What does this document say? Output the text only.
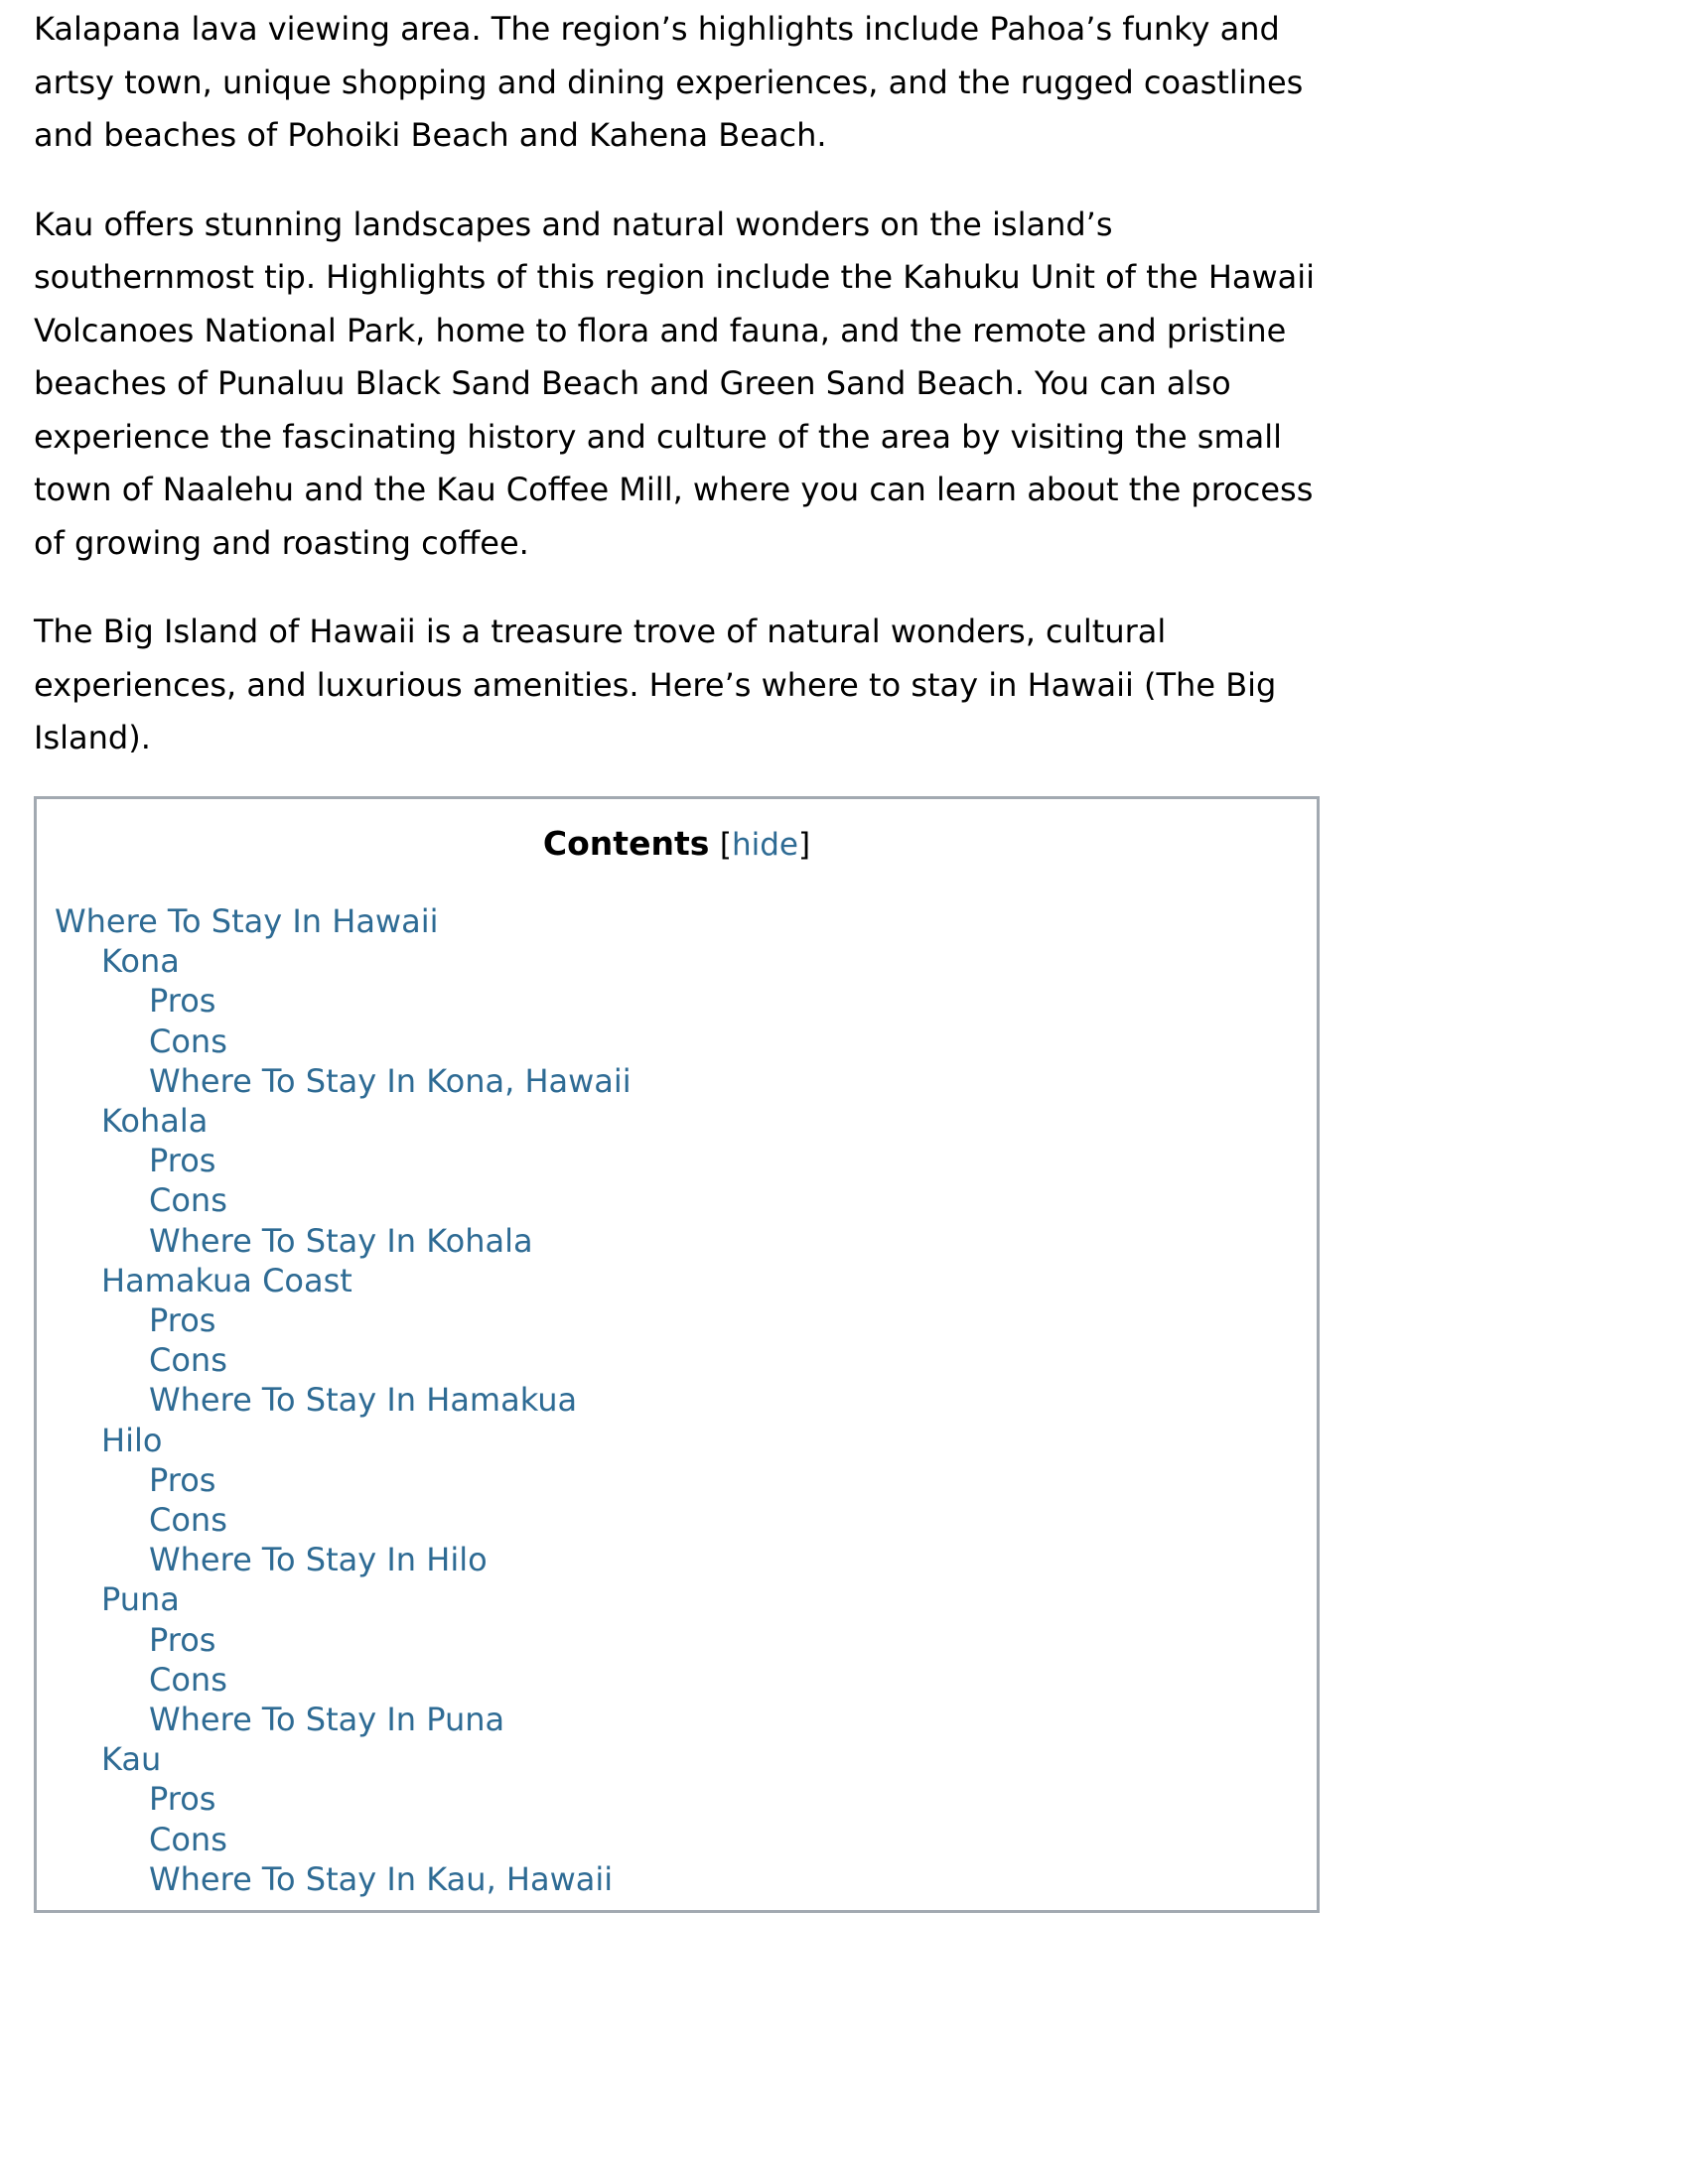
Kalapana lava viewing area. The region’s highlights include Pahoa’s funky and artsy town, unique shopping and dining experiences, and the rugged coastlines and beaches of Pohoiki Beach and Kahena Beach.

Kau offers stunning landscapes and natural wonders on the island’s southernmost tip. Highlights of this region include the Kahuku Unit of the Hawaii Volcanoes National Park, home to flora and fauna, and the remote and pristine beaches of Punaluu Black Sand Beach and Green Sand Beach. You can also experience the fascinating history and culture of the area by visiting the small town of Naalehu and the Kau Coffee Mill, where you can learn about the process of growing and roasting coffee.

The Big Island of Hawaii is a treasure trove of natural wonders, cultural experiences, and luxurious amenities. Here’s where to stay in Hawaii (The Big Island).

Contents [hide]
Where To Stay In Hawaii
Kona
Pros
Cons
Where To Stay In Kona, Hawaii
Kohala
Pros
Cons
Where To Stay In Kohala
Hamakua Coast
Pros
Cons
Where To Stay In Hamakua
Hilo
Pros
Cons
Where To Stay In Hilo
Puna
Pros
Cons
Where To Stay In Puna
Kau
Pros
Cons
Where To Stay In Kau, Hawaii
